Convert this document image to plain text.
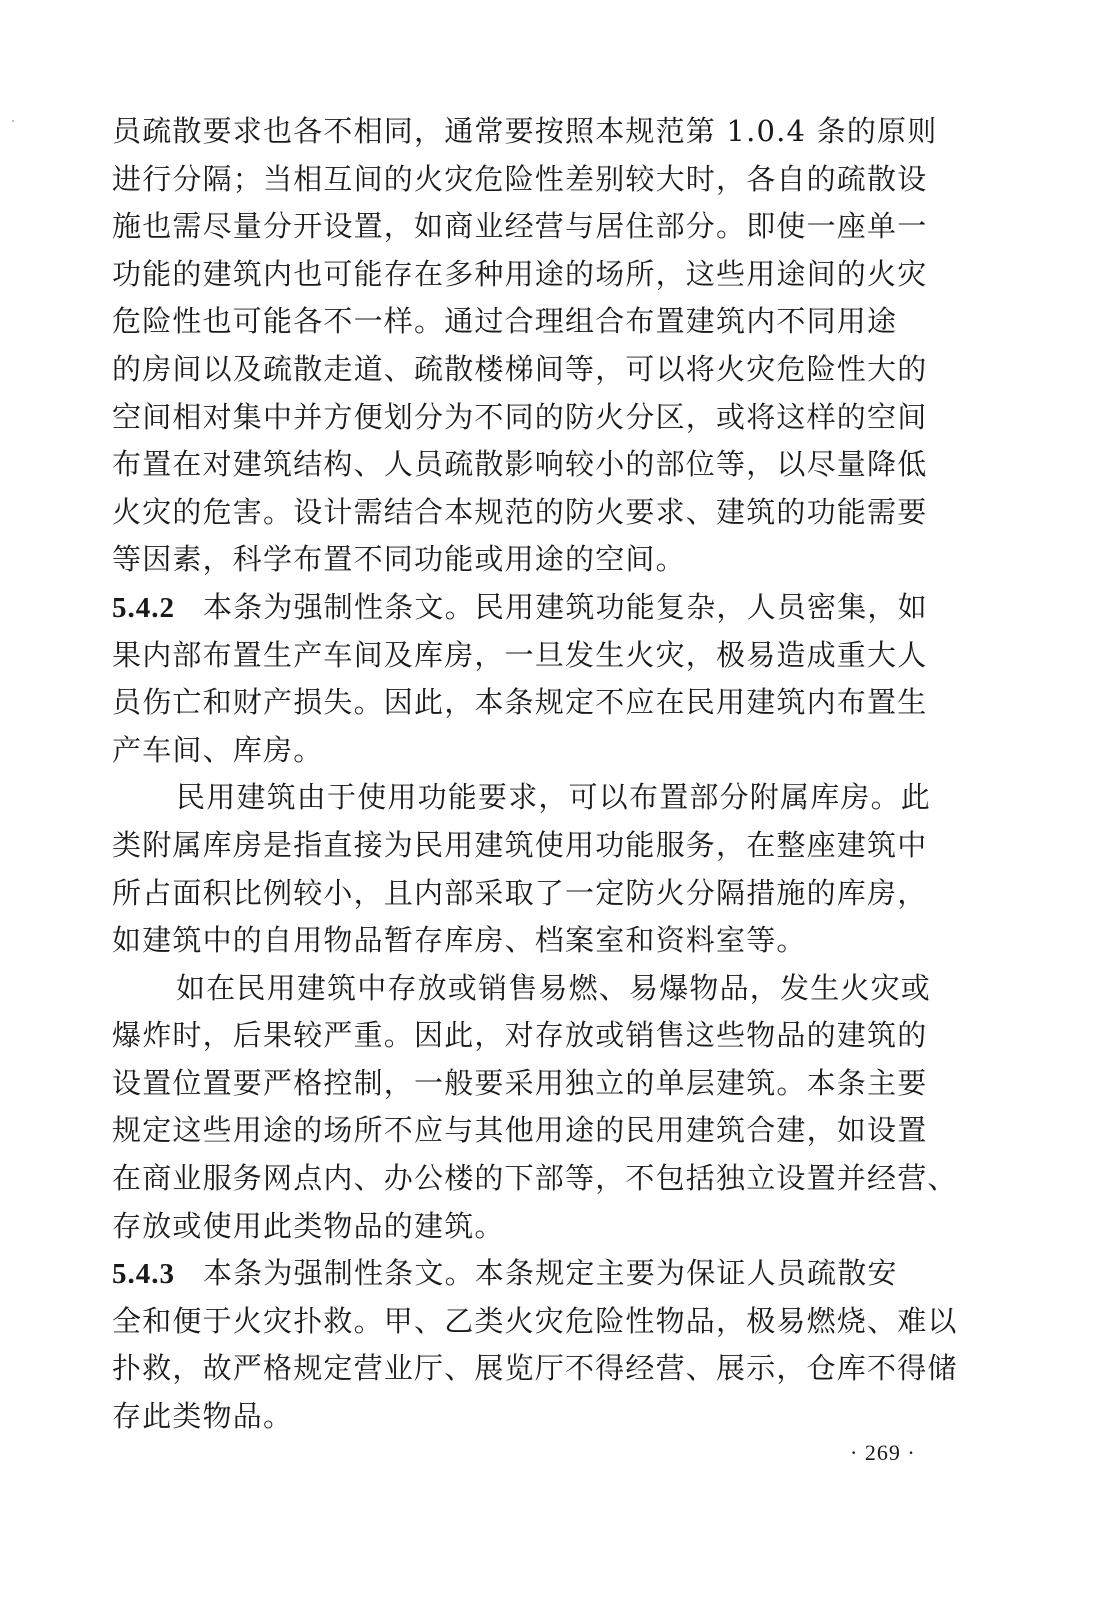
员疏散要求也各不相同，通常要按照本规范第 1.0.4 条的原则
进行分隔；当相互间的火灾危险性差别较大时，各自的疏散设
施也需尽量分开设置，如商业经营与居住部分。即使一座单一
功能的建筑内也可能存在多种用途的场所，这些用途间的火灾
危险性也可能各不一样。通过合理组合布置建筑内不同用途
的房间以及疏散走道、疏散楼梯间等，可以将火灾危险性大的
空间相对集中并方便划分为不同的防火分区，或将这样的空间
布置在对建筑结构、人员疏散影响较小的部位等，以尽量降低
火灾的危害。设计需结合本规范的防火要求、建筑的功能需要
等因素，科学布置不同功能或用途的空间。
5.4.2 本条为强制性条文。民用建筑功能复杂，人员密集，如
果内部布置生产车间及库房，一旦发生火灾，极易造成重大人
员伤亡和财产损失。因此，本条规定不应在民用建筑内布置生
产车间、库房。
民用建筑由于使用功能要求，可以布置部分附属库房。此
类附属库房是指直接为民用建筑使用功能服务，在整座建筑中
所占面积比例较小，且内部采取了一定防火分隔措施的库房，
如建筑中的自用物品暂存库房、档案室和资料室等。
如在民用建筑中存放或销售易燃、易爆物品，发生火灾或
爆炸时，后果较严重。因此，对存放或销售这些物品的建筑的
设置位置要严格控制，一般要采用独立的单层建筑。本条主要
规定这些用途的场所不应与其他用途的民用建筑合建，如设置
在商业服务网点内、办公楼的下部等，不包括独立设置并经营、
存放或使用此类物品的建筑。
5.4.3 本条为强制性条文。本条规定主要为保证人员疏散安
全和便于火灾扑救。甲、乙类火灾危险性物品，极易燃烧、难以
扑救，故严格规定营业厅、展览厅不得经营、展示，仓库不得储
存此类物品。
· 269 ·
